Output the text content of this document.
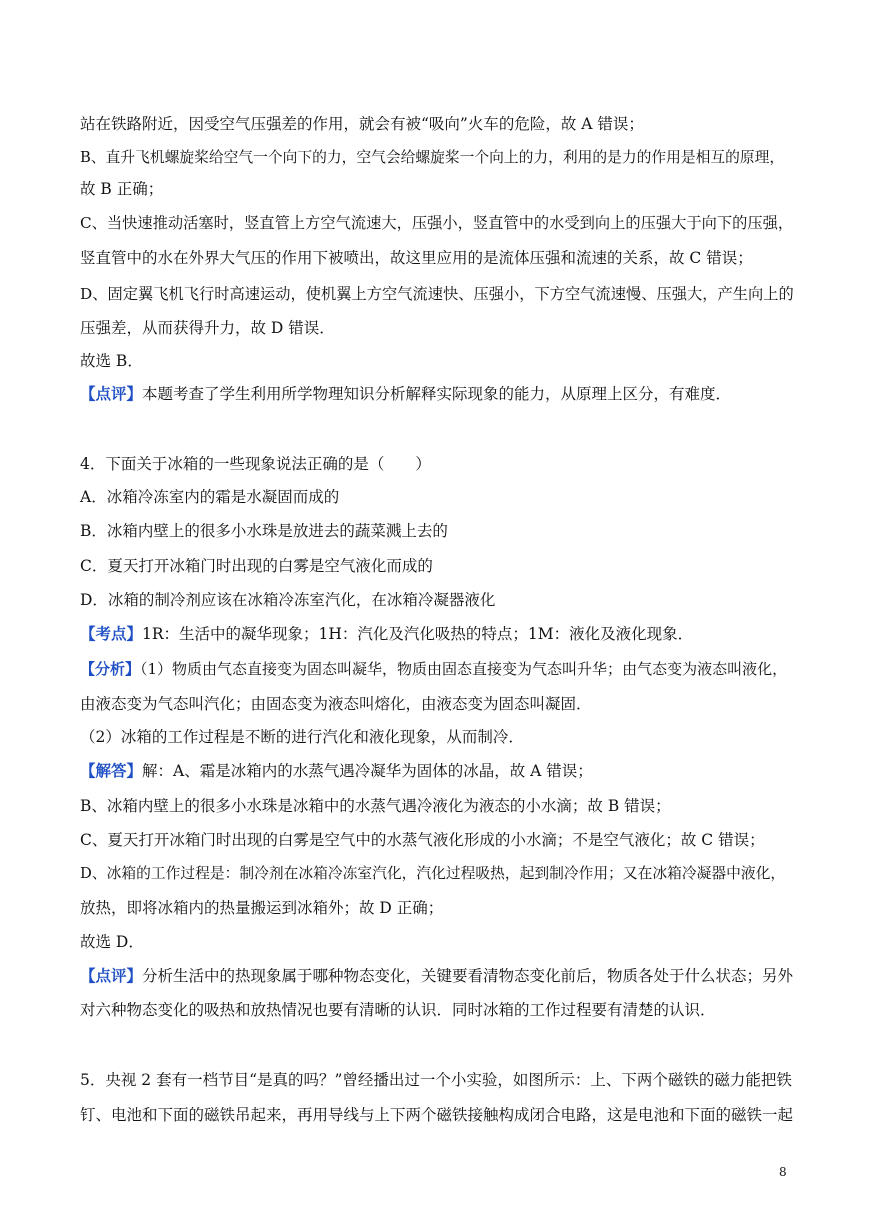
站在铁路附近，因受空气压强差的作用，就会有被“吸向”火车的危险，故 A 错误；
B、直升飞机螺旋桨给空气一个向下的力，空气会给螺旋桨一个向上的力，利用的是力的作用是相互的原理，
故 B 正确；
C、当快速推动活塞时，竖直管上方空气流速大，压强小，竖直管中的水受到向上的压强大于向下的压强，
竖直管中的水在外界大气压的作用下被喷出，故这里应用的是流体压强和流速的关系，故 C 错误；
D、固定翼飞机飞行时高速运动，使机翼上方空气流速快、压强小，下方空气流速慢、压强大，产生向上的
压强差，从而获得升力，故 D 错误．
故选 B．
【点评】本题考查了学生利用所学物理知识分析解释实际现象的能力，从原理上区分，有难度．
4．下面关于冰箱的一些现象说法正确的是（　　）
A．冰箱冷冻室内的霜是水凝固而成的
B．冰箱内壁上的很多小水珠是放进去的蔬菜溅上去的
C．夏天打开冰箱门时出现的白雾是空气液化而成的
D．冰箱的制冷剂应该在冰箱冷冻室汽化，在冰箱冷凝器液化
【考点】1R：生活中的凝华现象；1H：汽化及汽化吸热的特点；1M：液化及液化现象．
【分析】（1）物质由气态直接变为固态叫凝华，物质由固态直接变为气态叫升华；由气态变为液态叫液化，
由液态变为气态叫汽化；由固态变为液态叫熔化，由液态变为固态叫凝固．
（2）冰箱的工作过程是不断的进行汽化和液化现象，从而制冷．
【解答】解：A、霜是冰箱内的水蒸气遇冷凝华为固体的冰晶，故 A 错误；
B、冰箱内壁上的很多小水珠是冰箱中的水蒸气遇冷液化为液态的小水滴；故 B 错误；
C、夏天打开冰箱门时出现的白雾是空气中的水蒸气液化形成的小水滴；不是空气液化；故 C 错误；
D、冰箱的工作过程是：制冷剂在冰箱冷冻室汽化，汽化过程吸热，起到制冷作用；又在冰箱冷凝器中液化，
放热，即将冰箱内的热量搬运到冰箱外；故 D 正确；
故选 D．
【点评】分析生活中的热现象属于哪种物态变化，关键要看清物态变化前后，物质各处于什么状态；另外
对六种物态变化的吸热和放热情况也要有清晰的认识．同时冰箱的工作过程要有清楚的认识．
5．央视 2 套有一档节目“是真的吗？”曾经播出过一个小实验，如图所示：上、下两个磁铁的磁力能把铁
钉、电池和下面的磁铁吊起来，再用导线与上下两个磁铁接触构成闭合电路，这是电池和下面的磁铁一起
8
